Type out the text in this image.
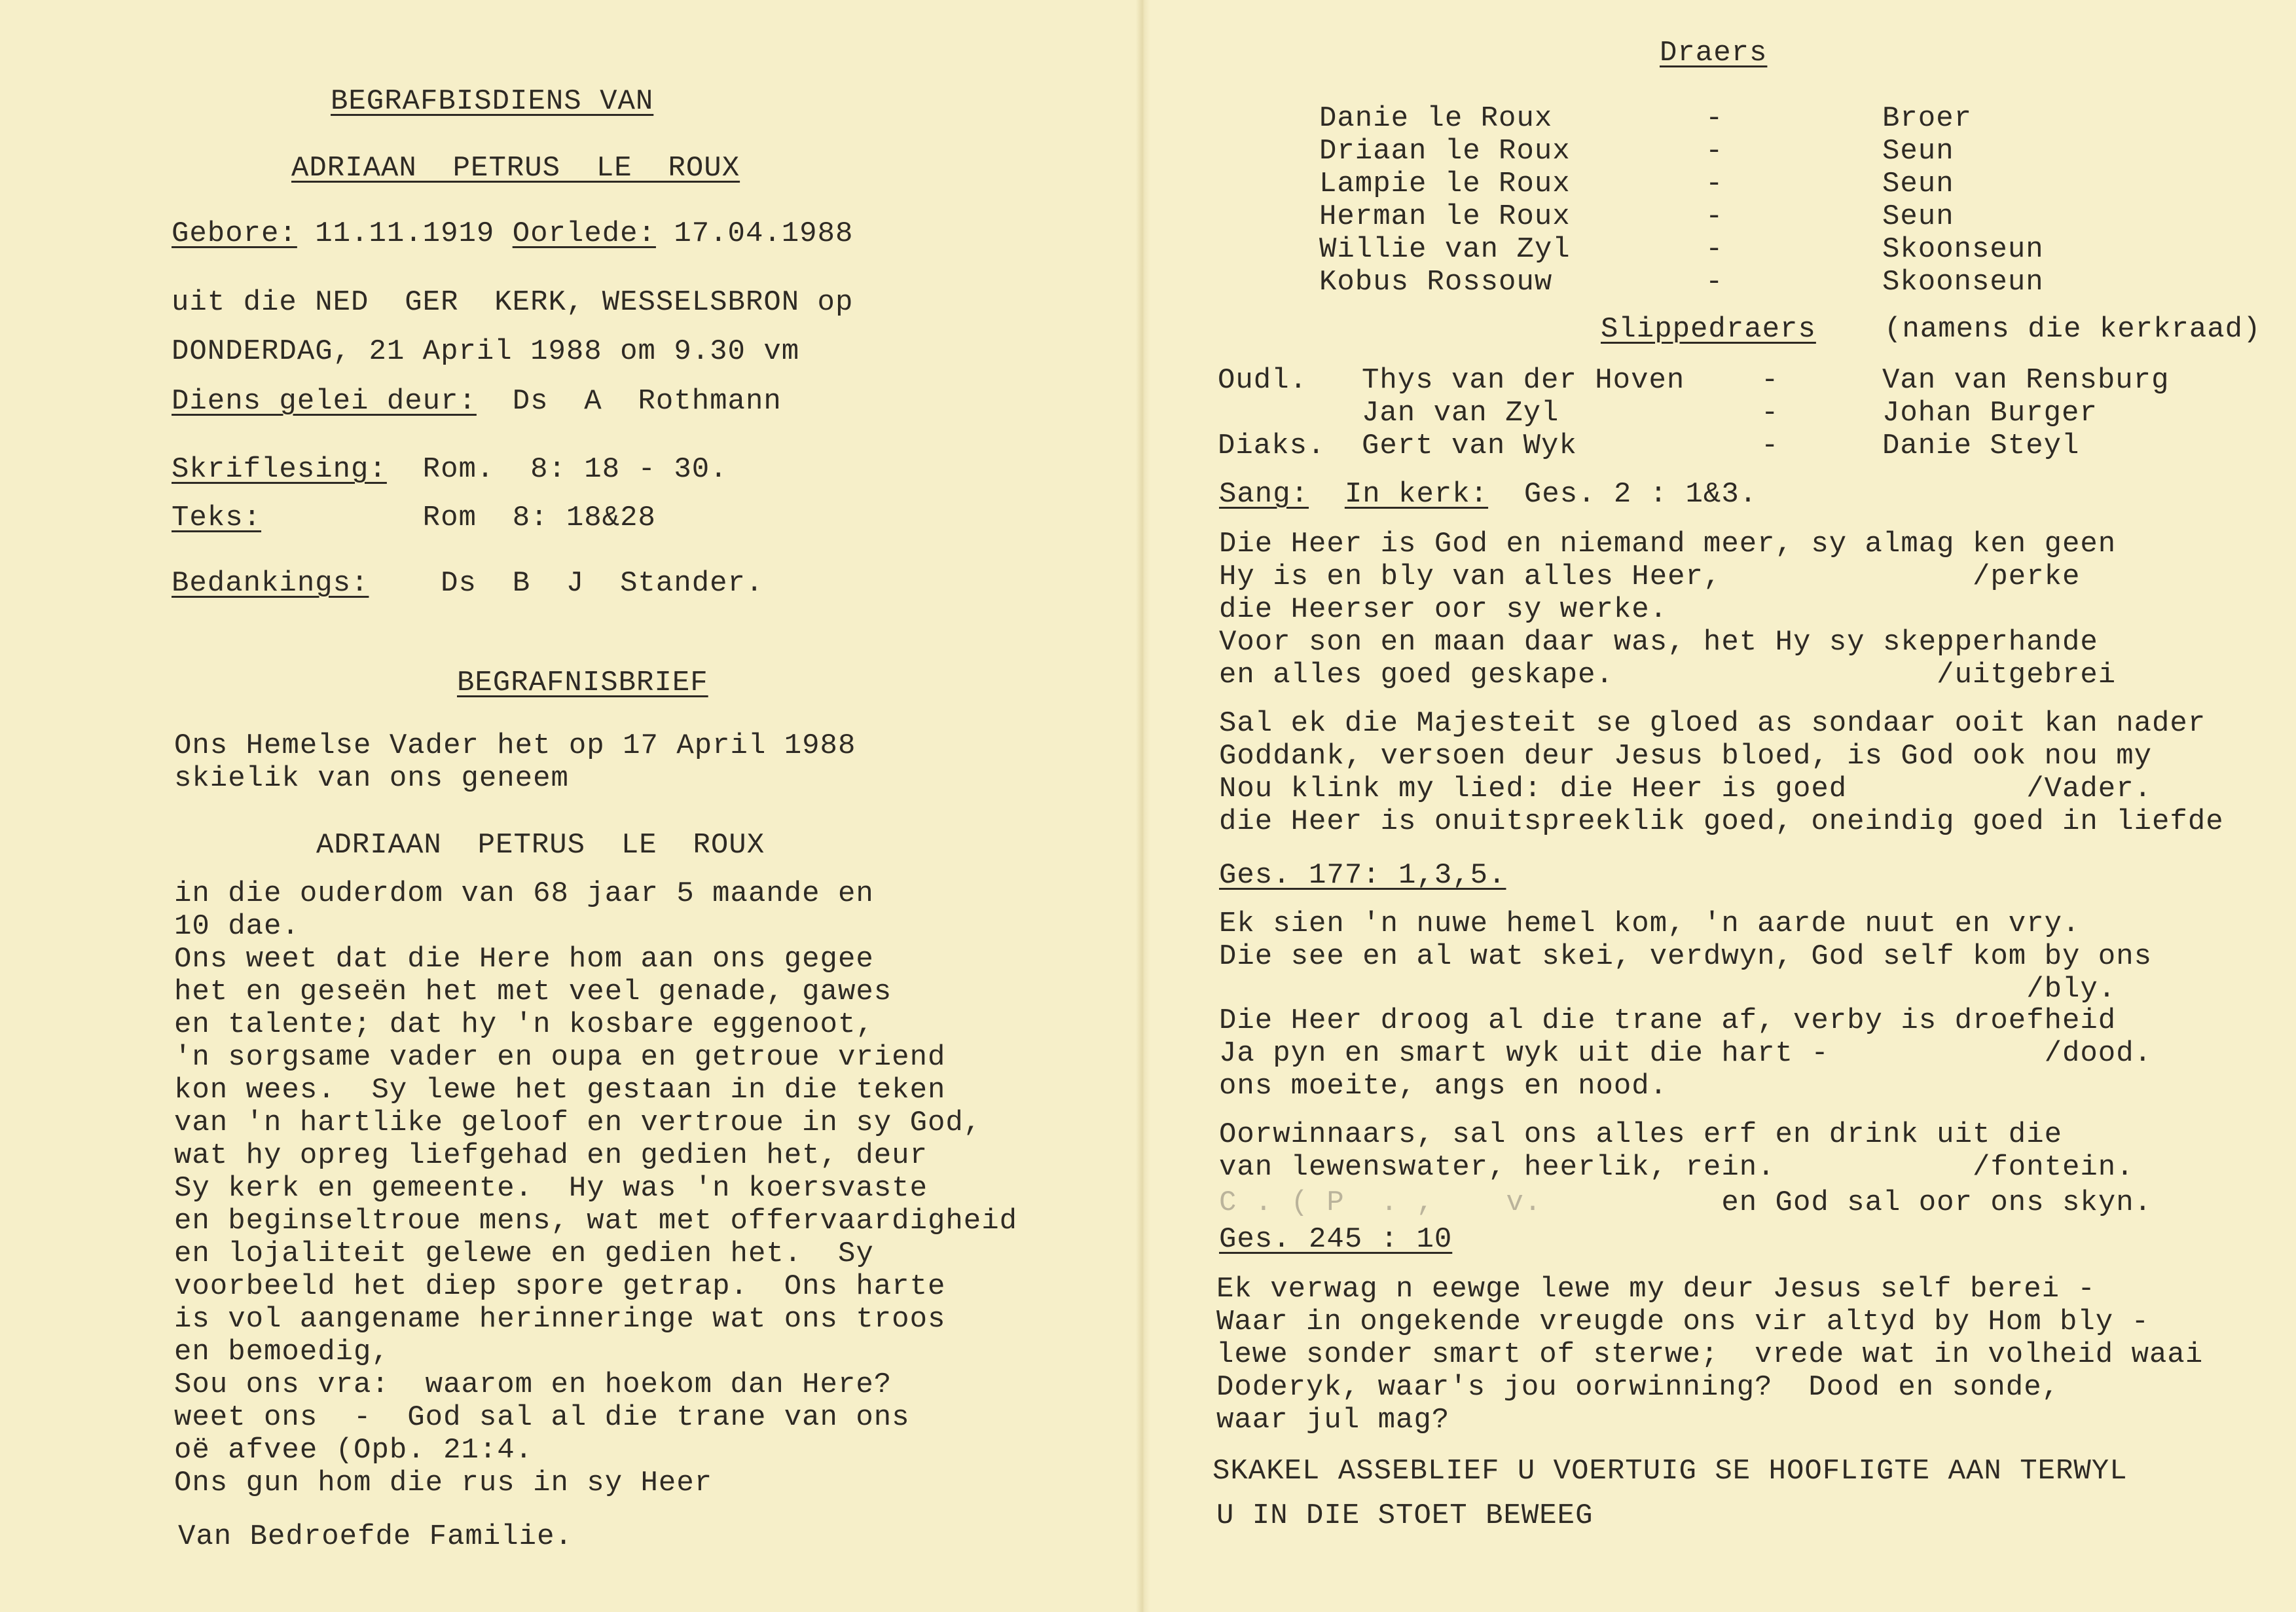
BEGRAFBISDIENS VAN
ADRIAAN  PETRUS  LE  ROUX
Gebore: 11.11.1919 Oorlede: 17.04.1988
uit die NED  GER  KERK, WESSELSBRON op
DONDERDAG, 21 April 1988 om 9.30 vm
Diens gelei deur: Ds  A  Rothmann
Skriflesing: Rom.  8: 18 - 30.
Teks:	Rom  8: 18&28
Bedankings: Ds  B  J  Stander.
BEGRAFNISBRIEF
Ons Hemelse Vader het op 17 April 1988
skielik van ons geneem
ADRIAAN  PETRUS  LE  ROUX
in die ouderdom van 68 jaar 5 maande en
10 dae.
Ons weet dat die Here hom aan ons gegee
het en geseën het met veel genade, gawes
en talente; dat hy 'n kosbare eggenoot,
'n sorgsame vader en oupa en getroue vriend
kon wees.  Sy lewe het gestaan in die teken
van 'n hartlike geloof en vertroue in sy God,
wat hy opreg liefgehad en gedien het, deur
Sy kerk en gemeente.  Hy was 'n koersvaste
en beginseltroue mens, wat met offervaardigheid
en lojaliteit gelewe en gedien het.  Sy
voorbeeld het diep spore getrap.  Ons harte
is vol aangename herinneringe wat ons troos
en bemoedig,
Sou ons vra:  waarom en hoekom dan Here?
weet ons  -  God sal al die trane van ons
oë afvee (Opb. 21:4.
Ons gun hom die rus in sy Heer
Van Bedroefde Familie.
Draers
Danie le Roux
Driaan le Roux
Lampie le Roux
Herman le Roux
Willie van Zyl
Kobus Rossouw
-
-
-
-
-
-
Broer
Seun
Seun
Seun
Skoonseun
Skoonseun
Slippedraers (namens die kerkraad)
Oudl.
Diaks.
Thys van der Hoven
Jan van Zyl
Gert van Wyk
-
-
-
Van van Rensburg
Johan Burger
Danie Steyl
Sang: In kerk: Ges. 2 : 1&3.
Die Heer is God en niemand meer, sy almag ken geen
Hy is en bly van alles Heer,              /perke
die Heerser oor sy werke.
Voor son en maan daar was, het Hy sy skepperhande
en alles goed geskape.                  /uitgebrei
Sal ek die Majesteit se gloed as sondaar ooit kan nader
Goddank, versoen deur Jesus bloed, is God ook nou my
Nou klink my lied: die Heer is goed          /Vader.
die Heer is onuitspreeklik goed, oneindig goed in liefde
Ges. 177: 1,3,5.
Ek sien 'n nuwe hemel kom, 'n aarde nuut en vry.
Die see en al wat skei, verdwyn, God self kom by ons
/bly.
Die Heer droog al die trane af, verby is droefheid
Ja pyn en smart wyk uit die hart -            /dood.
ons moeite, angs en nood.
Oorwinnaars, sal ons alles erf en drink uit die
van lewenswater, heerlik, rein.           /fontein.
C . ( P  . ,    v.	en God sal oor ons skyn.
Ges. 245 : 10
Ek verwag n eewge lewe my deur Jesus self berei -
Waar in ongekende vreugde ons vir altyd by Hom bly -
lewe sonder smart of sterwe;  vrede wat in volheid waai
Doderyk, waar's jou oorwinning?  Dood en sonde,
waar jul mag?
SKAKEL ASSEBLIEF U VOERTUIG SE HOOFLIGTE AAN TERWYL
U IN DIE STOET BEWEEG
